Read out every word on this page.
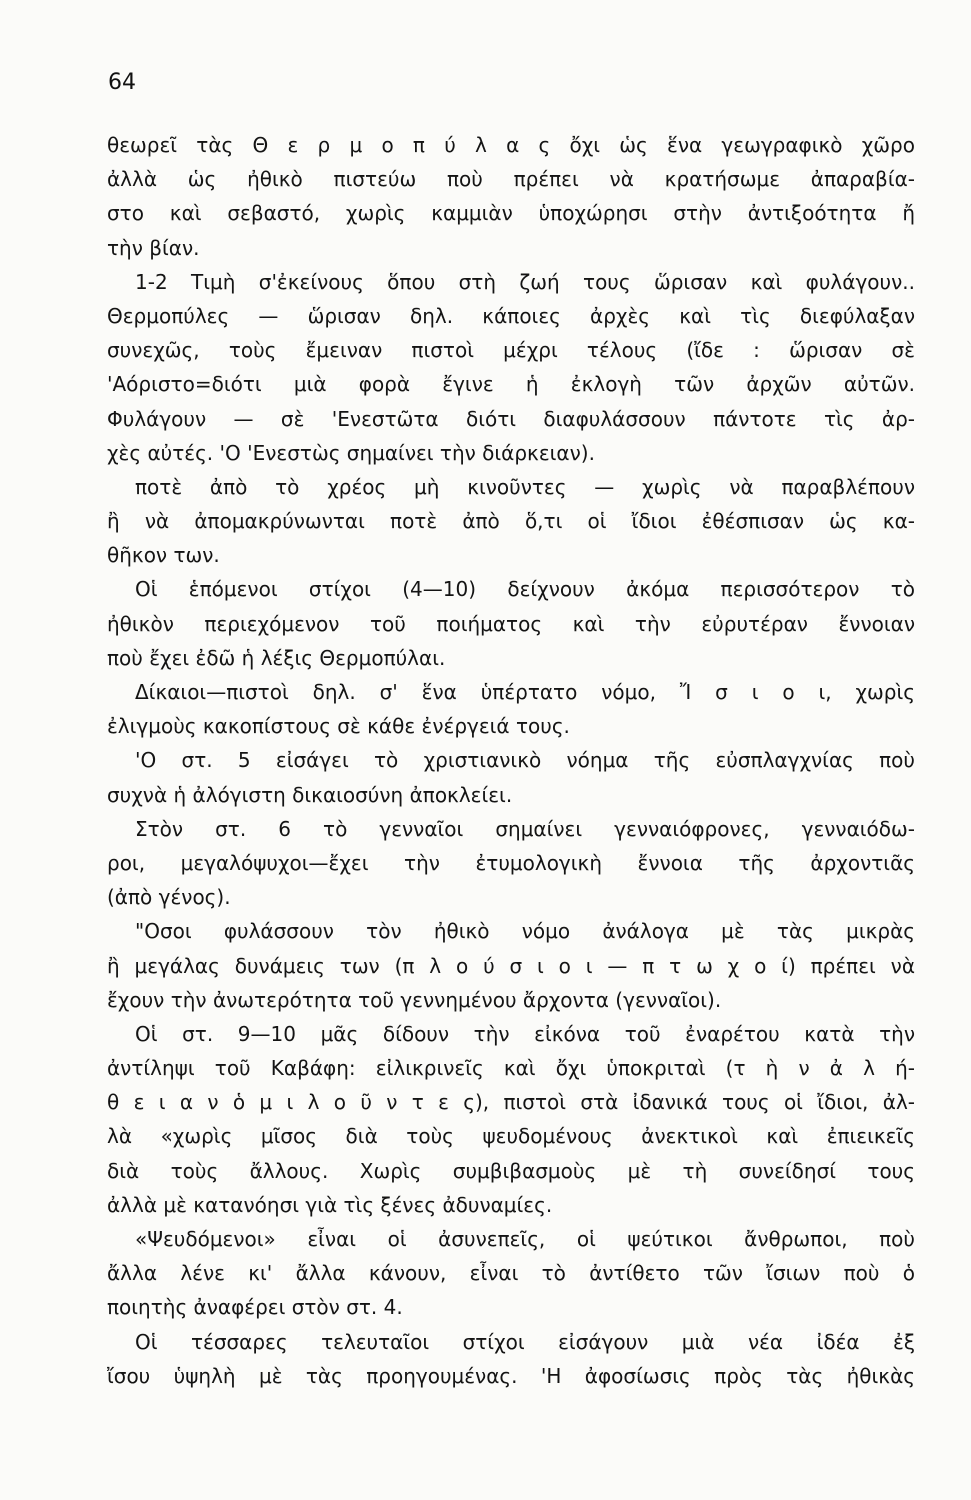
64
θεωρεῖ τὰς Θ ε ρ μ ο π ύ λ α ς ὄχι ὡς ἕνα γεωγραφικὸ χῶρο
ἀλλὰ ὡς ἠθικὸ πιστεύω ποὺ πρέπει νὰ κρατήσωμε ἀπαραβία-
στο καὶ σεβαστό, χωρὶς καμμιὰν ὑποχώρησι στὴν ἀντιξοότητα ἤ
τὴν βίαν.
1-2 Τιμὴ σ'ἐκείνους ὅπου στὴ ζωή τους ὥρισαν καὶ φυλάγουν..
Θερμοπύλες — ὥρισαν δηλ. κάποιες ἀρχὲς καὶ τὶς διεφύλαξαν
συνεχῶς, τοὺς ἔμειναν πιστοὶ μέχρι τέλους (ἴδε : ὥρισαν σὲ
'Αόριστο=διότι μιὰ φορὰ ἔγινε ἡ ἐκλογὴ τῶν ἀρχῶν αὐτῶν.
Φυλάγουν — σὲ 'Ενεστῶτα διότι διαφυλάσσουν πάντοτε τὶς ἀρ-
χὲς αὐτές. 'Ο 'Ενεστὼς σημαίνει τὴν διάρκειαν).
ποτὲ ἀπὸ τὸ χρέος μὴ κινοῦντες — χωρὶς νὰ παραβλέπουν
ἢ νὰ ἀπομακρύνωνται ποτὲ ἀπὸ ὅ,τι οἱ ἴδιοι ἐθέσπισαν ὡς κα-
θῆκον των.
Οἱ ἑπόμενοι στίχοι (4—10) δείχνουν ἀκόμα περισσότερον τὸ
ἠθικὸν περιεχόμενον τοῦ ποιήματος καὶ τὴν εὐρυτέραν ἔννοιαν
ποὺ ἔχει ἐδῶ ἡ λέξις Θερμοπύλαι.
Δίκαιοι—πιστοὶ δηλ. σ' ἕνα ὑπέρτατο νόμο, Ἴ σ ι ο ι, χωρὶς
ἐλιγμοὺς κακοπίστους σὲ κάθε ἐνέργειά τους.
'Ο στ. 5 εἰσάγει τὸ χριστιανικὸ νόημα τῆς εὐσπλαγχνίας ποὺ
συχνὰ ἡ ἀλόγιστη δικαιοσύνη ἀποκλείει.
Στὸν στ. 6 τὸ γενναῖοι σημαίνει γενναιόφρονες, γενναιόδω-
ροι, μεγαλόψυχοι—ἔχει τὴν ἐτυμολογικὴ ἔννοια τῆς ἀρχοντιᾶς
(ἀπὸ γένος).
"Οσοι φυλάσσουν τὸν ἠθικὸ νόμο ἀνάλογα μὲ τὰς μικρὰς
ἢ μεγάλας δυνάμεις των (π λ ο ύ σ ι ο ι — π τ ω χ ο ί) πρέπει νὰ
ἔχουν τὴν ἀνωτερότητα τοῦ γεννημένου ἄρχοντα (γενναῖοι).
Οἱ στ. 9—10 μᾶς δίδουν τὴν εἰκόνα τοῦ ἐναρέτου κατὰ τὴν
ἀντίληψι τοῦ Καβάφη: εἰλικρινεῖς καὶ ὄχι ὑποκριταὶ (τ ὴ ν ἀ λ ή-
θ ε ι α ν ὁ μ ι λ ο ῦ ν τ ε ς), πιστοὶ στὰ ἰδανικά τους οἱ ἴδιοι, ἀλ-
λὰ «χωρὶς μῖσος διὰ τοὺς ψευδομένους ἀνεκτικοὶ καὶ ἐπιεικεῖς
διὰ τοὺς ἄλλους. Χωρὶς συμβιβασμοὺς μὲ τὴ συνείδησί τους
ἀλλὰ μὲ κατανόησι γιὰ τὶς ξένες ἀδυναμίες.
«Ψευδόμενοι» εἶναι οἱ ἀσυνεπεῖς, οἱ ψεύτικοι ἄνθρωποι, ποὺ
ἄλλα λένε κι' ἄλλα κάνουν, εἶναι τὸ ἀντίθετο τῶν ἴσιων ποὺ ὁ
ποιητὴς ἀναφέρει στὸν στ. 4.
Οἱ τέσσαρες τελευταῖοι στίχοι εἰσάγουν μιὰ νέα ἰδέα ἐξ
ἴσου ὑψηλὴ μὲ τὰς προηγουμένας. 'Η ἀφοσίωσις πρὸς τὰς ἠθικὰς
